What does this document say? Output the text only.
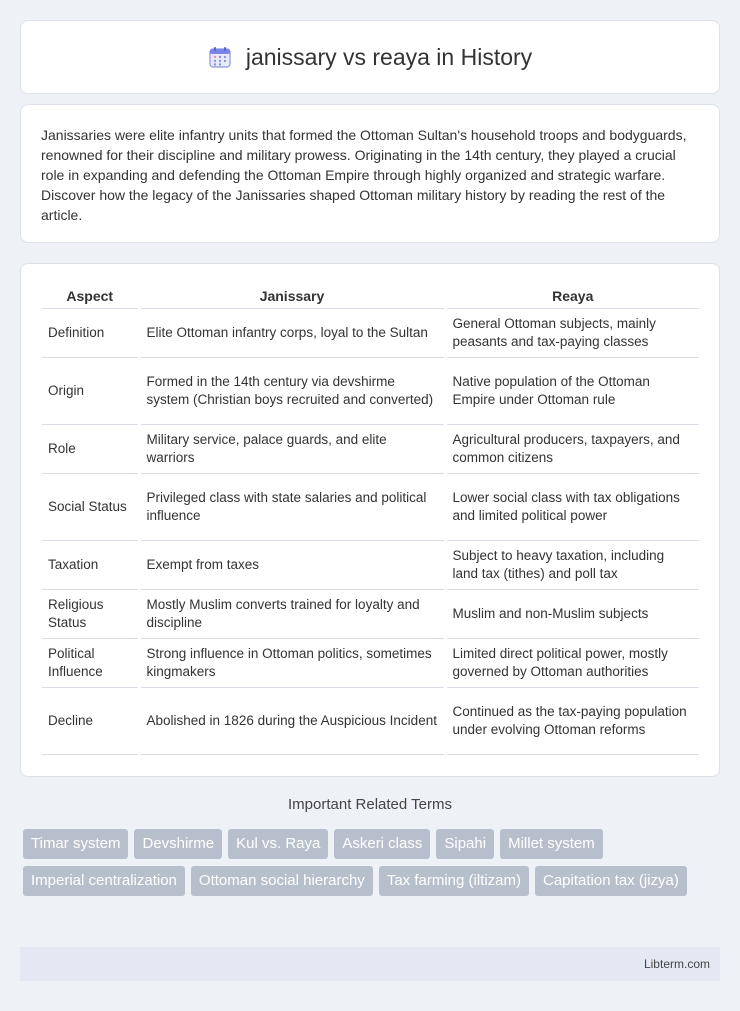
janissary vs reaya in History

Janissaries were elite infantry units that formed the Ottoman Sultan's household troops and bodyguards, renowned for their discipline and military prowess. Originating in the 14th century, they played a crucial role in expanding and defending the Ottoman Empire through highly organized and strategic warfare. Discover how the legacy of the Janissaries shaped Ottoman military history by reading the rest of the article.

Aspect	Janissary	Reaya
Definition	Elite Ottoman infantry corps, loyal to the Sultan	General Ottoman subjects, mainly peasants and tax-paying classes
Origin	Formed in the 14th century via devshirme system (Christian boys recruited and converted)	Native population of the Ottoman Empire under Ottoman rule
Role	Military service, palace guards, and elite warriors	Agricultural producers, taxpayers, and common citizens
Social Status	Privileged class with state salaries and political influence	Lower social class with tax obligations and limited political power
Taxation	Exempt from taxes	Subject to heavy taxation, including land tax (tithes) and poll tax
Religious Status	Mostly Muslim converts trained for loyalty and discipline	Muslim and non-Muslim subjects
Political Influence	Strong influence in Ottoman politics, sometimes kingmakers	Limited direct political power, mostly governed by Ottoman authorities
Decline	Abolished in 1826 during the Auspicious Incident	Continued as the tax-paying population under evolving Ottoman reforms
Important Related Terms
Timar system	Devshirme	Kul vs. Raya	Askeri class	Sipahi	Millet system
Imperial centralization	Ottoman social hierarchy	Tax farming (iltizam)	Capitation tax (jizya)
Libterm.com
